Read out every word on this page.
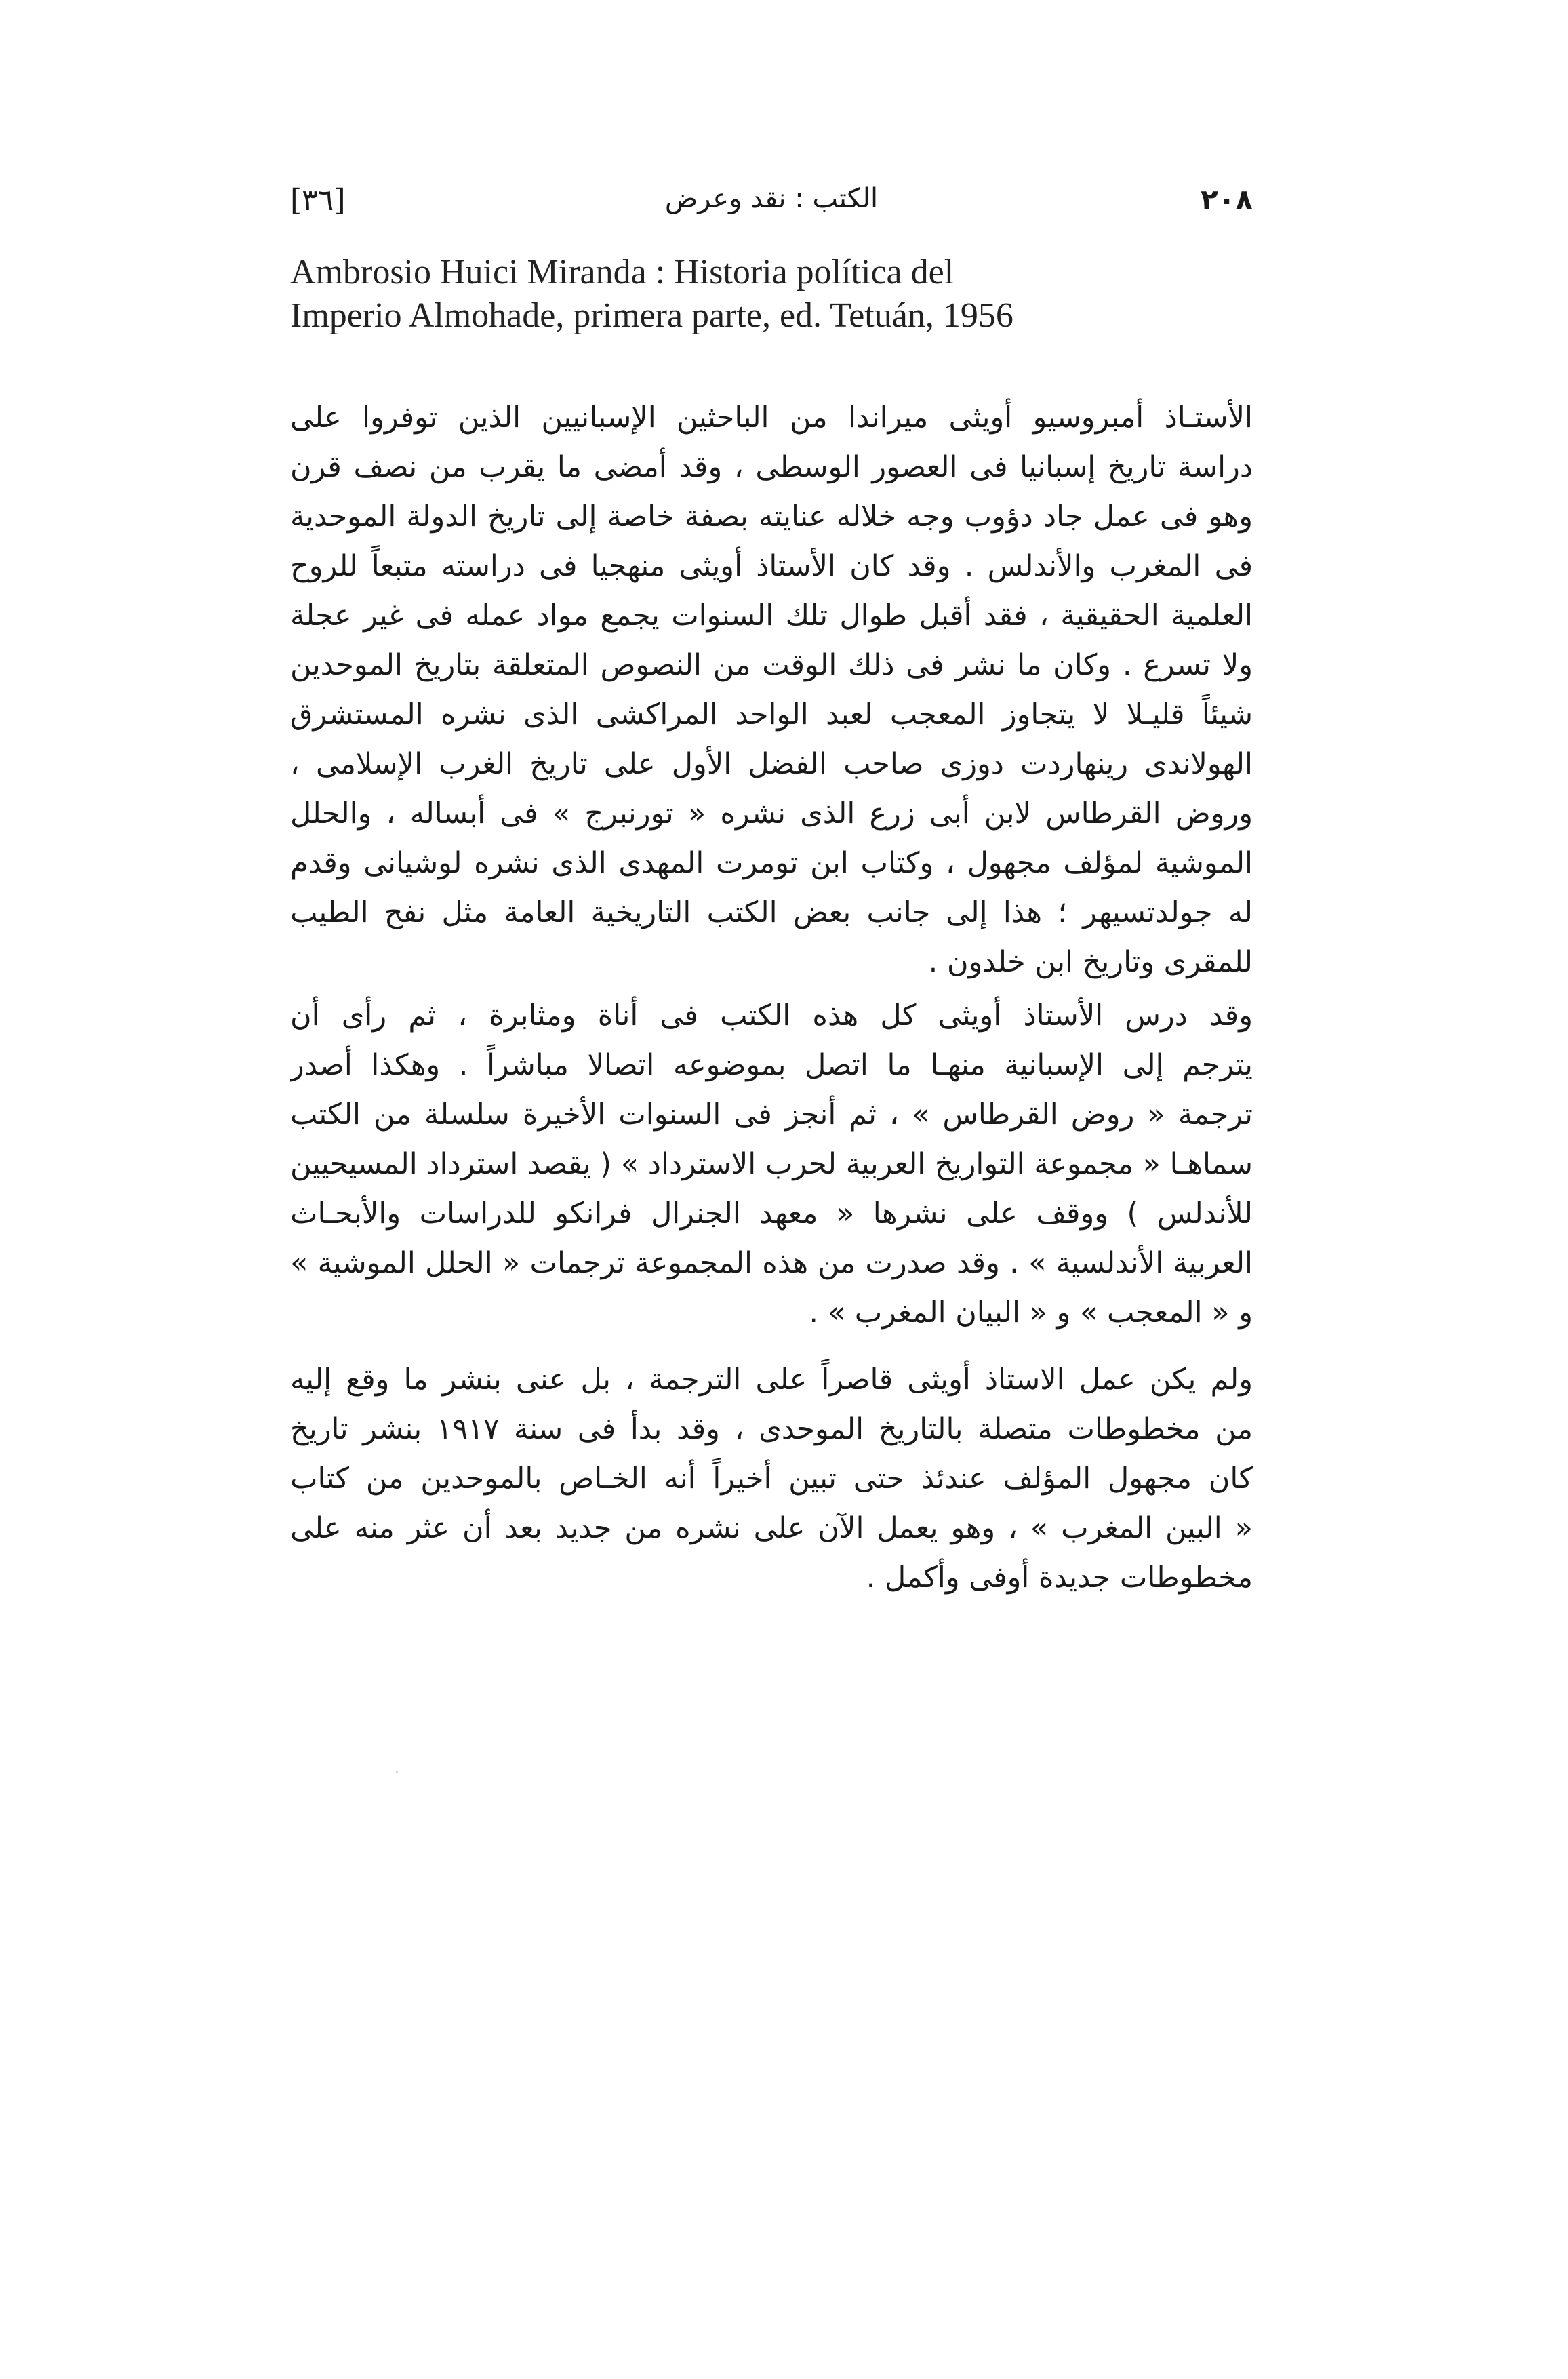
[٣٦]	الكتب : نقد وعرض	٢٠٨
Ambrosio Huici Miranda : Historia política del
Imperio Almohade, primera parte, ed. Tetuán, 1956

الأستـاذ أمبروسيو أويثى ميراندا من الباحثين الإسبانيين الذين توفروا على
دراسة تاريخ إسبانيا فى العصور الوسطى ، وقد أمضى ما يقرب من نصف قرن
وهو فى عمل جاد دؤوب وجه خلاله عنايته بصفة خاصة إلى تاريخ الدولة الموحدية
فى المغرب والأندلس . وقد كان الأستاذ أويثى منهجيا فى دراسته متبعاً للروح
العلمية الحقيقية ، فقد أقبل طوال تلك السنوات يجمع مواد عمله فى غير عجلة
ولا تسرع . وكان ما نشر فى ذلك الوقت من النصوص المتعلقة بتاريخ الموحدين
شيئاً قليـلا لا يتجاوز المعجب لعبد الواحد المراكشى الذى نشره المستشرق
الهولاندى رينهاردت دوزى صاحب الفضل الأول على تاريخ الغرب الإسلامى ،
وروض القرطاس لابن أبى زرع الذى نشره « تورنبرج » فى أبساله ، والحلل
الموشية لمؤلف مجهول ، وكتاب ابن تومرت المهدى الذى نشره لوشيانى وقدم
له جولدتسيهر ؛ هذا إلى جانب بعض الكتب التاريخية العامة مثل نفح الطيب
للمقرى وتاريخ ابن خلدون .

وقد درس الأستاذ أويثى كل هذه الكتب فى أناة ومثابرة ، ثم رأى أن
يترجم إلى الإسبانية منهـا ما اتصل بموضوعه اتصالا مباشراً . وهكذا أصدر
ترجمة « روض القرطاس » ، ثم أنجز فى السنوات الأخيرة سلسلة من الكتب
سماهـا « مجموعة التواريخ العربية لحرب الاسترداد » ( يقصد استرداد المسيحيين
للأندلس ) ووقف على نشرها « معهد الجنرال فرانكو للدراسات والأبحـاث
العربية الأندلسية » . وقد صدرت من هذه المجموعة ترجمات « الحلل الموشية »
و « المعجب » و « البيان المغرب » .

ولم يكن عمل الاستاذ أويثى قاصراً على الترجمة ، بل عنى بنشر ما وقع إليه
من مخطوطات متصلة بالتاريخ الموحدى ، وقد بدأ فى سنة ١٩١٧ بنشر تاريخ
كان مجهول المؤلف عندئذ حتى تبين أخيراً أنه الخـاص بالموحدين من كتاب
« البين المغرب » ، وهو يعمل الآن على نشره من جديد بعد أن عثر منه على
مخطوطات جديدة أوفى وأكمل .
